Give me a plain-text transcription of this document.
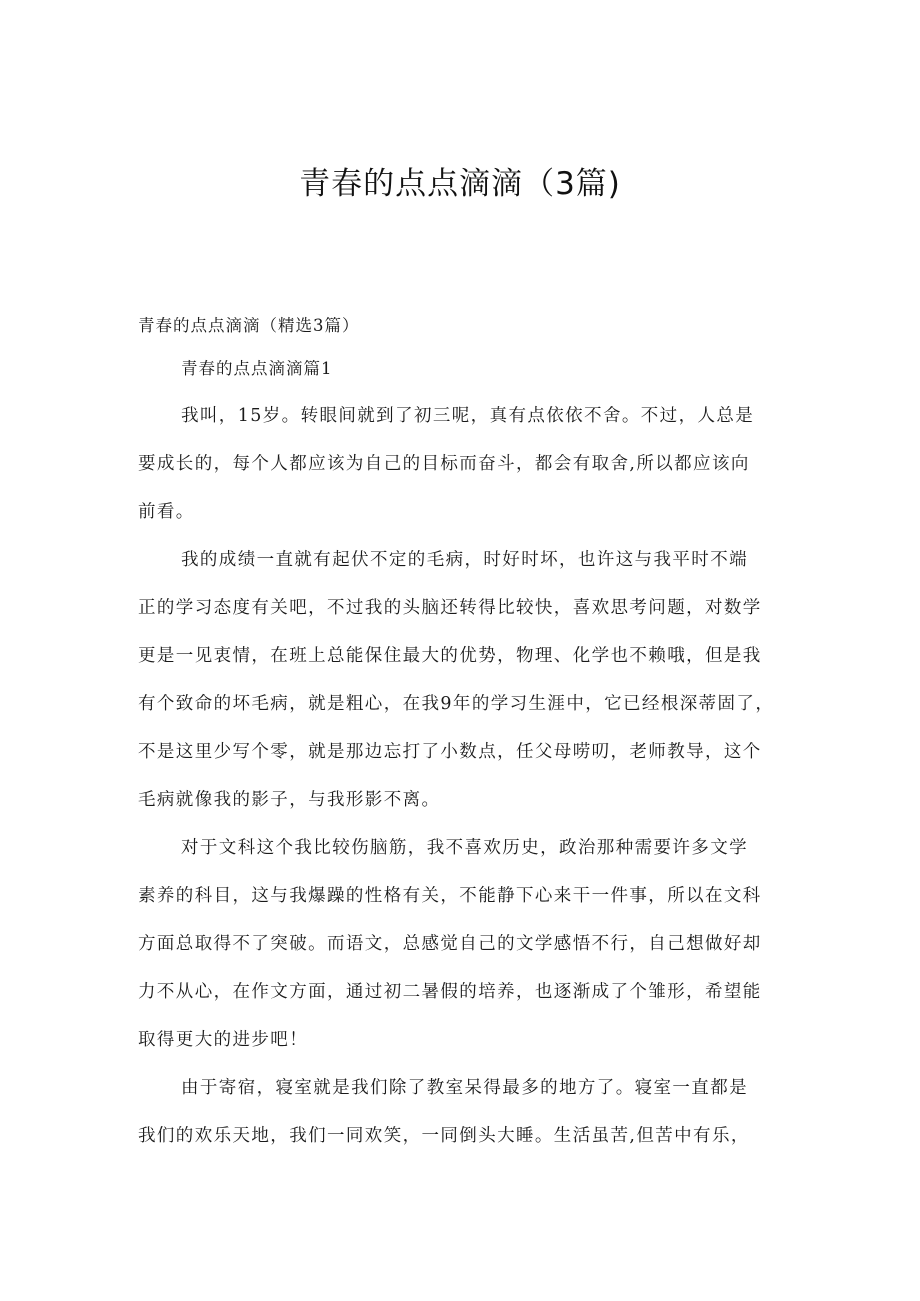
青春的点点滴滴（3篇)
青春的点点滴滴（精选3篇）
青春的点点滴滴篇1
我叫，15岁。转眼间就到了初三呢，真有点依依不舍。不过，人总是
要成长的，每个人都应该为自己的目标而奋斗，都会有取舍,所以都应该向
前看。
我的成绩一直就有起伏不定的毛病，时好时坏，也许这与我平时不端
正的学习态度有关吧，不过我的头脑还转得比较快，喜欢思考问题，对数学
更是一见衷情，在班上总能保住最大的优势，物理、化学也不赖哦，但是我
有个致命的坏毛病，就是粗心，在我9年的学习生涯中，它已经根深蒂固了，
不是这里少写个零，就是那边忘打了小数点，任父母唠叨，老师教导，这个
毛病就像我的影子，与我形影不离。
对于文科这个我比较伤脑筋，我不喜欢历史，政治那种需要许多文学
素养的科目，这与我爆躁的性格有关，不能静下心来干一件事，所以在文科
方面总取得不了突破。而语文，总感觉自己的文学感悟不行，自己想做好却
力不从心，在作文方面，通过初二暑假的培养，也逐渐成了个雏形，希望能
取得更大的进步吧！
由于寄宿，寝室就是我们除了教室呆得最多的地方了。寝室一直都是
我们的欢乐天地，我们一同欢笑，一同倒头大睡。生活虽苦,但苦中有乐，
